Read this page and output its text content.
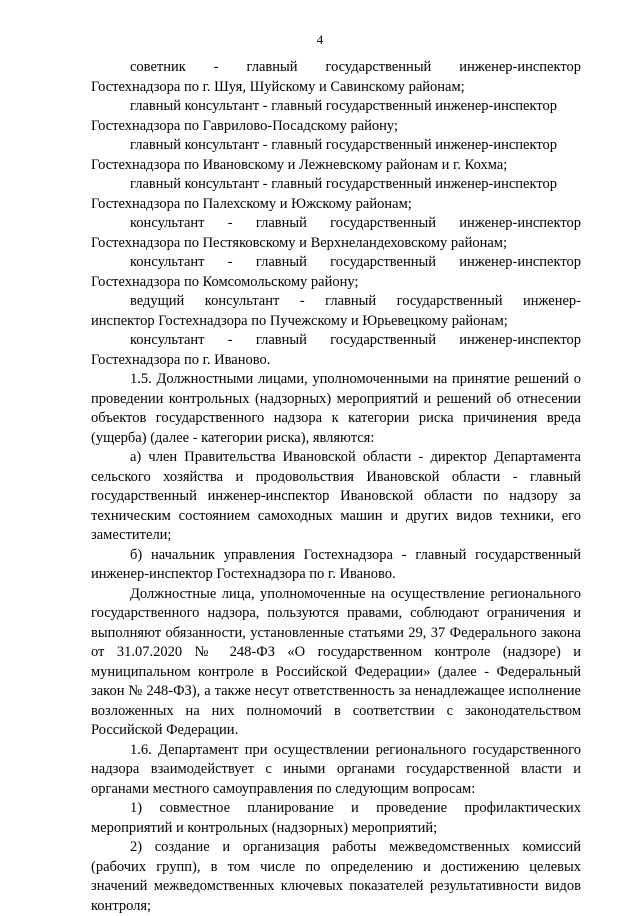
4

советник - главный государственный инженер-инспектор
Гостехнадзора по г. Шуя, Шуйскому и Савинскому районам;

главный консультант - главный государственный инженер-инспектор
Гостехнадзора по Гаврилово-Посадскому району;

главный консультант - главный государственный инженер-инспектор
Гостехнадзора по Ивановскому и Лежневскому районам и г. Кохма;

главный консультант - главный государственный инженер-инспектор
Гостехнадзора по Палехскому и Южскому районам;

консультант - главный государственный инженер-инспектор
Гостехнадзора по Пестяковскому и Верхнеландеховскому районам;

консультант - главный государственный инженер-инспектор
Гостехнадзора по Комсомольскому району;

ведущий консультант - главный государственный инженер-
инспектор Гостехнадзора по Пучежскому и Юрьевецкому районам;

консультант - главный государственный инженер-инспектор
Гостехнадзора по г. Иваново.

1.5. Должностными лицами, уполномоченными на принятие решений о проведении контрольных (надзорных) мероприятий и решений об отнесении объектов государственного надзора к категории риска причинения вреда (ущерба) (далее - категории риска), являются:

а) член Правительства Ивановской области - директор Департамента сельского хозяйства и продовольствия Ивановской области - главный государственный инженер-инспектор Ивановской области по надзору за техническим состоянием самоходных машин и других видов техники, его заместители;

б) начальник управления Гостехнадзора - главный государственный инженер-инспектор Гостехнадзора по г. Иваново.

Должностные лица, уполномоченные на осуществление регионального государственного надзора, пользуются правами, соблюдают ограничения и выполняют обязанности, установленные статьями 29, 37 Федерального закона от 31.07.2020 № 248-ФЗ «О государственном контроле (надзоре) и муниципальном контроле в Российской Федерации» (далее - Федеральный закон № 248-ФЗ), а также несут ответственность за ненадлежащее исполнение возложенных на них полномочий в соответствии с законодательством Российской Федерации.

1.6. Департамент при осуществлении регионального государственного надзора взаимодействует с иными органами государственной власти и органами местного самоуправления по следующим вопросам:

1) совместное планирование и проведение профилактических мероприятий и контрольных (надзорных) мероприятий;

2) создание и организация работы межведомственных комиссий (рабочих групп), в том числе по определению и достижению целевых значений межведомственных ключевых показателей результативности видов контроля;
